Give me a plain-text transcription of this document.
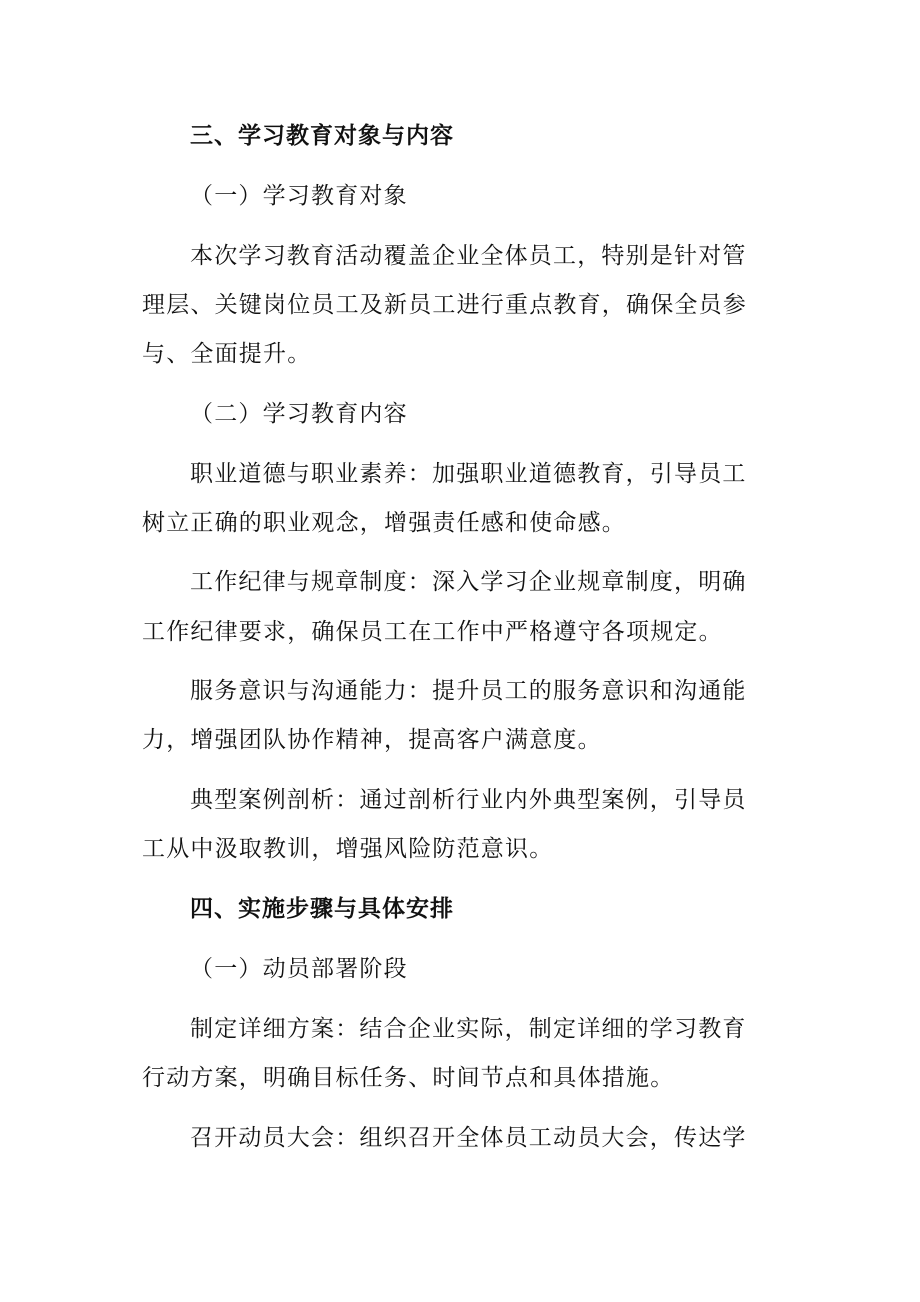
三、学习教育对象与内容
（一）学习教育对象
本次学习教育活动覆盖企业全体员工，特别是针对管
理层、关键岗位员工及新员工进行重点教育，确保全员参
与、全面提升。
（二）学习教育内容
职业道德与职业素养：加强职业道德教育，引导员工
树立正确的职业观念，增强责任感和使命感。
工作纪律与规章制度：深入学习企业规章制度，明确
工作纪律要求，确保员工在工作中严格遵守各项规定。
服务意识与沟通能力：提升员工的服务意识和沟通能
力，增强团队协作精神，提高客户满意度。
典型案例剖析：通过剖析行业内外典型案例，引导员
工从中汲取教训，增强风险防范意识。
四、实施步骤与具体安排
（一）动员部署阶段
制定详细方案：结合企业实际，制定详细的学习教育
行动方案，明确目标任务、时间节点和具体措施。
召开动员大会：组织召开全体员工动员大会，传达学
